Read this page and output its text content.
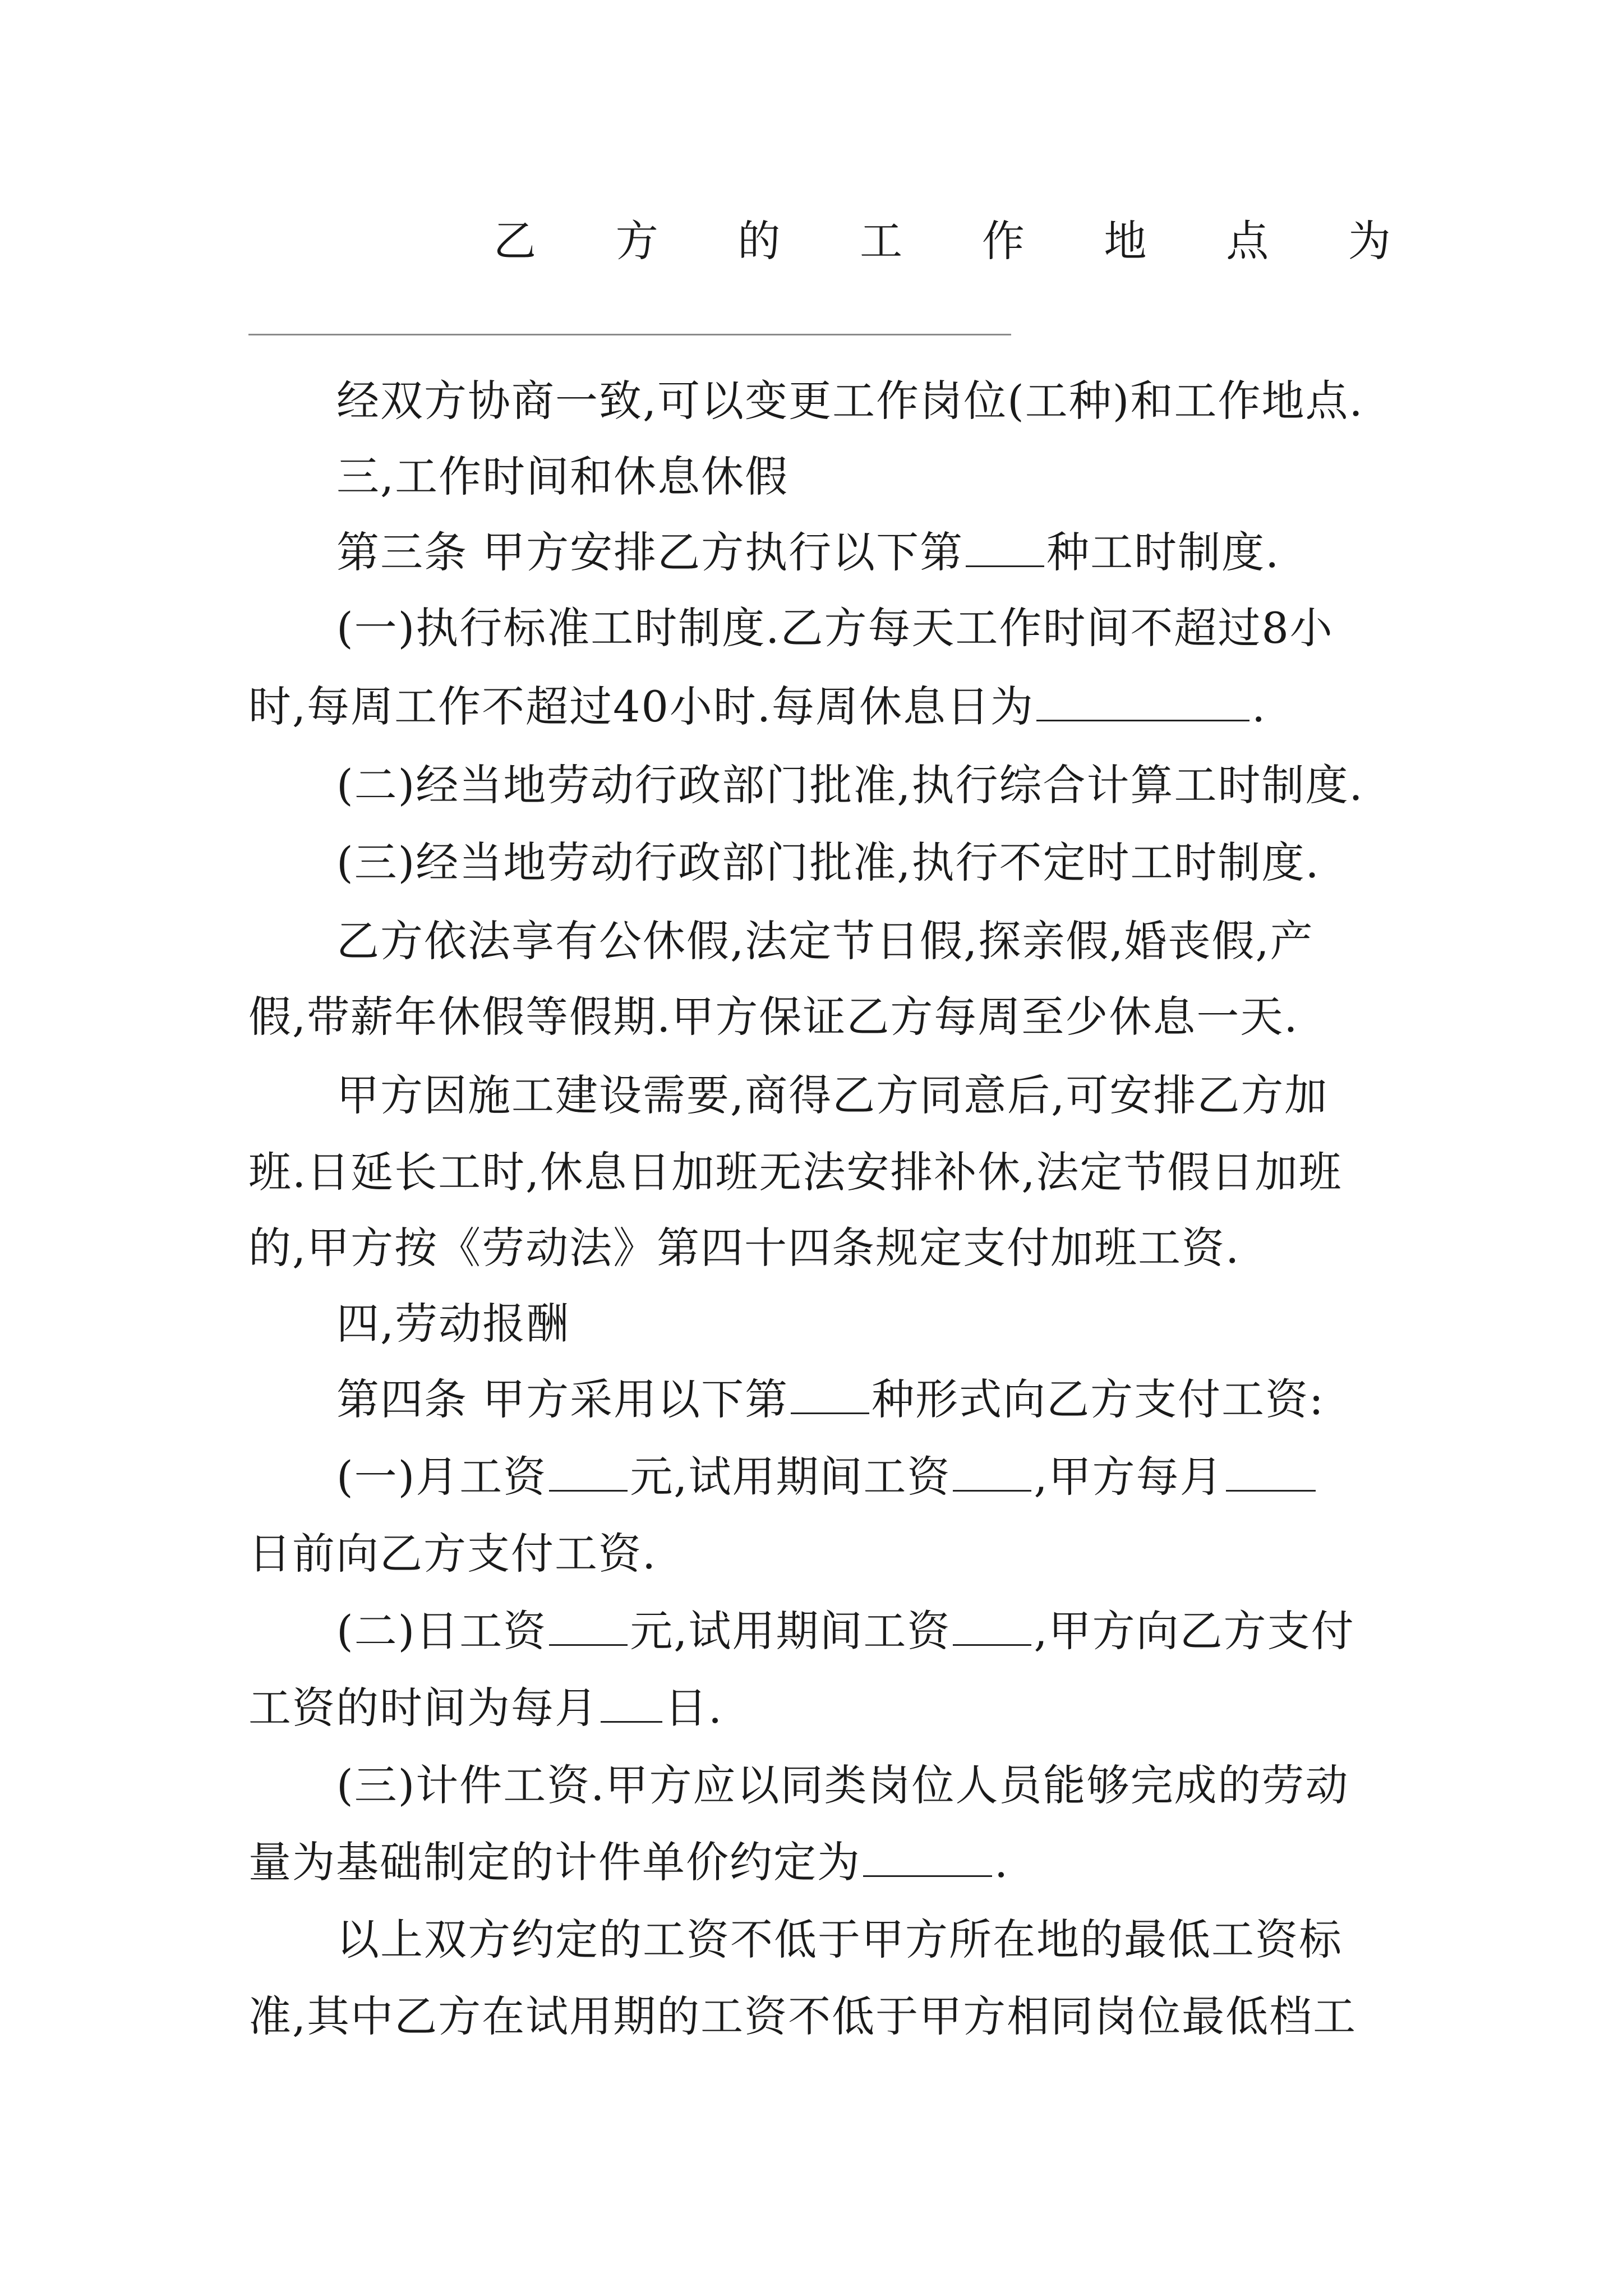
乙 方 的 工 作 地 点 为
经双方协商一致,可以变更工作岗位(工种)和工作地点.
三,工作时间和休息休假
第三条 甲方安排乙方执行以下第 种工时制度.
(一)执行标准工时制度.乙方每天工作时间不超过8小
时,每周工作不超过40小时.每周休息日为	.
(二)经当地劳动行政部门批准,执行综合计算工时制度.
(三)经当地劳动行政部门批准,执行不定时工时制度.
乙方依法享有公休假,法定节日假,探亲假,婚丧假,产
假,带薪年休假等假期.甲方保证乙方每周至少休息一天.
甲方因施工建设需要,商得乙方同意后,可安排乙方加
班.日延长工时,休息日加班无法安排补休,法定节假日加班
的,甲方按《劳动法》第四十四条规定支付加班工资.
四,劳动报酬
第四条 甲方采用以下第 种形式向乙方支付工资:
(一)月工资 元,试用期间工资 ,甲方每月
日前向乙方支付工资.
(二)日工资 元,试用期间工资 ,甲方向乙方支付
工资的时间为每月 日.
(三)计件工资.甲方应以同类岗位人员能够完成的劳动
量为基础制定的计件单价约定为	.
以上双方约定的工资不低于甲方所在地的最低工资标
准,其中乙方在试用期的工资不低于甲方相同岗位最低档工
